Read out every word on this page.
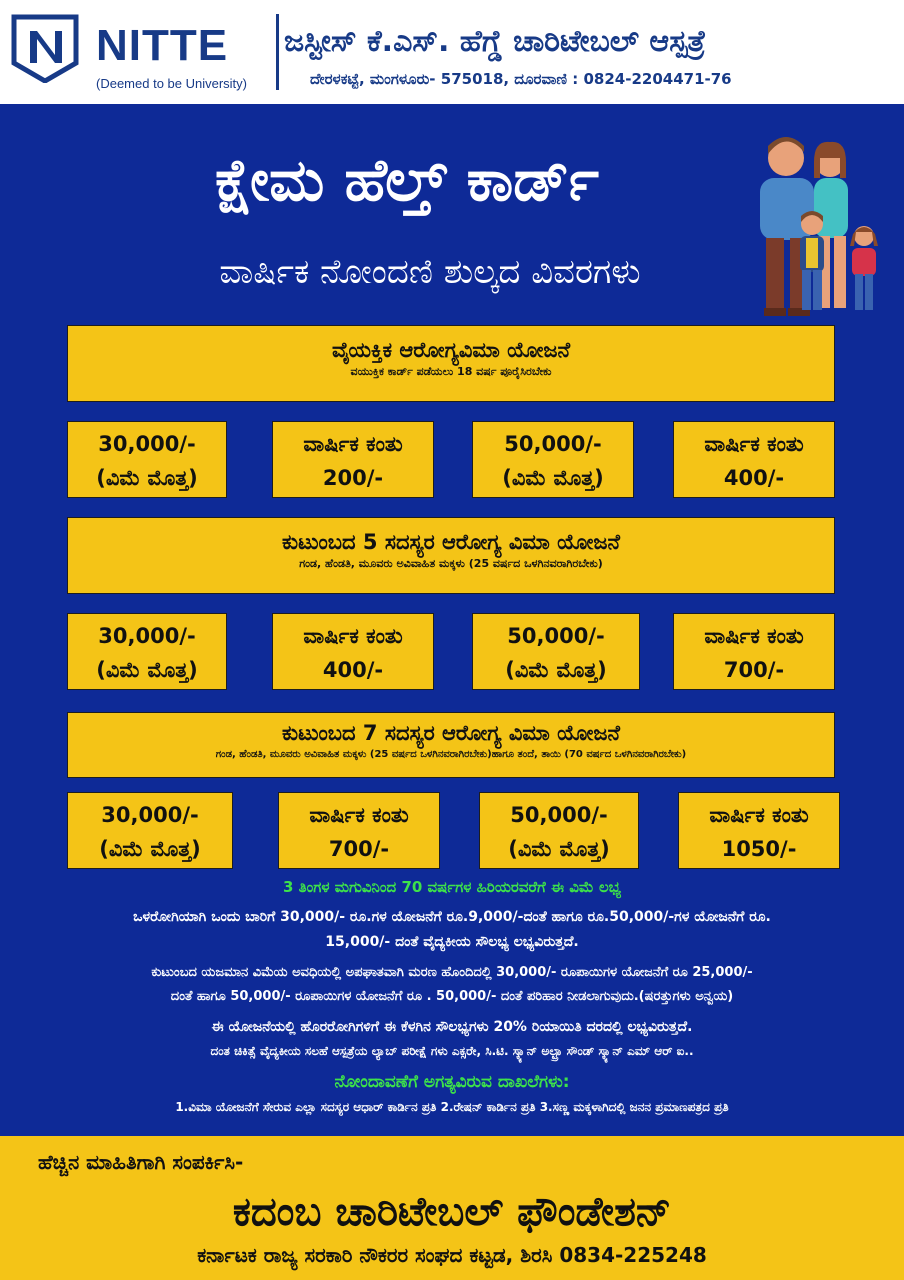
NITTE
(Deemed to be University)
ಜಸ್ಟೀಸ್ ಕೆ.ಎಸ್. ಹೆಗ್ಡೆ ಚಾರಿಟೇಬಲ್ ಆಸ್ಪತ್ರೆ
ದೇರಳಕಟ್ಟೆ, ಮಂಗಳೂರು- 575018, ದೂರವಾಣಿ : 0824-2204471-76
ಕ್ಷೇಮ ಹೆಲ್ತ್ ಕಾರ್ಡ್
ವಾರ್ಷಿಕ ನೋಂದಣಿ ಶುಲ್ಕದ ವಿವರಗಳು
ವೈಯಕ್ತಿಕ ಆರೋಗ್ಯವಿಮಾ ಯೋಜನೆ
ವಯುಕ್ತಿಕ ಕಾರ್ಡ್ ಪಡೆಯಲು 18 ವರ್ಷ ಪೂರೈಸಿರಬೇಕು
30,000/-
(ವಿಮೆ ಮೊತ್ತ)
ವಾರ್ಷಿಕ ಕಂತು
200/-
50,000/-
(ವಿಮೆ ಮೊತ್ತ)
ವಾರ್ಷಿಕ ಕಂತು
400/-
ಕುಟುಂಬದ 5 ಸದಸ್ಯರ ಆರೋಗ್ಯ ವಿಮಾ ಯೋಜನೆ
ಗಂಡ, ಹೆಂಡತಿ, ಮೂವರು ಅವಿವಾಹಿತ ಮಕ್ಕಳು (25 ವರ್ಷದ ಒಳಗಿನವರಾಗಿರಬೇಕು)
30,000/-
(ವಿಮೆ ಮೊತ್ತ)
ವಾರ್ಷಿಕ ಕಂತು
400/-
50,000/-
(ವಿಮೆ ಮೊತ್ತ)
ವಾರ್ಷಿಕ ಕಂತು
700/-
ಕುಟುಂಬದ 7 ಸದಸ್ಯರ ಆರೋಗ್ಯ ವಿಮಾ ಯೋಜನೆ
ಗಂಡ, ಹೆಂಡತಿ, ಮೂವರು ಅವಿವಾಹಿತ ಮಕ್ಕಳು (25 ವರ್ಷದ ಒಳಗಿನವರಾಗಿರಬೇಕು)ಹಾಗೂ ತಂದೆ, ತಾಯಿ (70 ವರ್ಷದ ಒಳಗಿನವರಾಗಿರಬೇಕು)
30,000/-
(ವಿಮೆ ಮೊತ್ತ)
ವಾರ್ಷಿಕ ಕಂತು
700/-
50,000/-
(ವಿಮೆ ಮೊತ್ತ)
ವಾರ್ಷಿಕ ಕಂತು
1050/-
3 ತಿಂಗಳ ಮಗುವಿನಿಂದ 70 ವರ್ಷಗಳ ಹಿರಿಯರವರೆಗೆ ಈ ವಿಮೆ ಲಭ್ಯ
ಒಳರೋಗಿಯಾಗಿ ಒಂದು ಬಾರಿಗೆ 30,000/- ರೂ.ಗಳ ಯೋಜನೆಗೆ ರೂ.9,000/-ದಂತೆ ಹಾಗೂ ರೂ.50,000/-ಗಳ ಯೋಜನೆಗೆ ರೂ.
15,000/- ದಂತೆ ವೈದ್ಯಕೀಯ ಸೌಲಭ್ಯ ಲಭ್ಯವಿರುತ್ತದೆ.
ಕುಟುಂಬದ ಯಜಮಾನ ವಿಮೆಯ ಅವಧಿಯಲ್ಲಿ ಅಪಘಾತವಾಗಿ ಮರಣ ಹೊಂದಿದಲ್ಲಿ 30,000/- ರೂಪಾಯಿಗಳ ಯೋಜನೆಗೆ ರೂ 25,000/-
ದಂತೆ ಹಾಗೂ 50,000/- ರೂಪಾಯಿಗಳ ಯೋಜನೆಗೆ ರೂ . 50,000/- ದಂತೆ ಪರಿಹಾರ ನೀಡಲಾಗುವುದು.(ಷರತ್ತುಗಳು ಅನ್ವಯ)
ಈ ಯೋಜನೆಯಲ್ಲಿ ಹೊರರೋಗಿಗಳಿಗೆ ಈ ಕೆಳಗಿನ ಸೌಲಭ್ಯಗಳು 20% ರಿಯಾಯಿತಿ ದರದಲ್ಲಿ ಲಭ್ಯವಿರುತ್ತದೆ.
ದಂತ ಚಿಕಿತ್ಸೆ ವೈದ್ಯಕೀಯ ಸಲಹೆ ಆಸ್ಪತ್ರೆಯ ಲ್ಯಾಬ್ ಪರೀಕ್ಷೆ ಗಳು ಎಕ್ಸರೇ, ಸಿ.ಟಿ. ಸ್ಕ್ಯಾನ್ ಅಲ್ಟ್ರಾ ಸೌಂಡ್ ಸ್ಕ್ಯಾನ್ ಎಮ್ ಆರ್ ಐ..
ನೋಂದಾವಣೆಗೆ ಅಗತ್ಯವಿರುವ ದಾಖಲೆಗಳು:
1.ವಿಮಾ ಯೋಜನೆಗೆ ಸೇರುವ ಎಲ್ಲಾ ಸದಸ್ಯರ ಆಧಾರ್ ಕಾರ್ಡಿನ ಪ್ರತಿ 2.ರೇಷನ್ ಕಾರ್ಡಿನ ಪ್ರತಿ 3.ಸಣ್ಣ ಮಕ್ಕಳಾಗಿದಲ್ಲಿ ಜನನ ಪ್ರಮಾಣಪತ್ರದ ಪ್ರತಿ
ಹೆಚ್ಚಿನ ಮಾಹಿತಿಗಾಗಿ ಸಂಪರ್ಕಿಸಿ-
ಕದಂಬ ಚಾರಿಟೇಬಲ್ ಫೌಂಡೇಶನ್
ಕರ್ನಾಟಕ ರಾಜ್ಯ ಸರಕಾರಿ ನೌಕರರ ಸಂಘದ ಕಟ್ಟಡ, ಶಿರಸಿ 0834-225248
